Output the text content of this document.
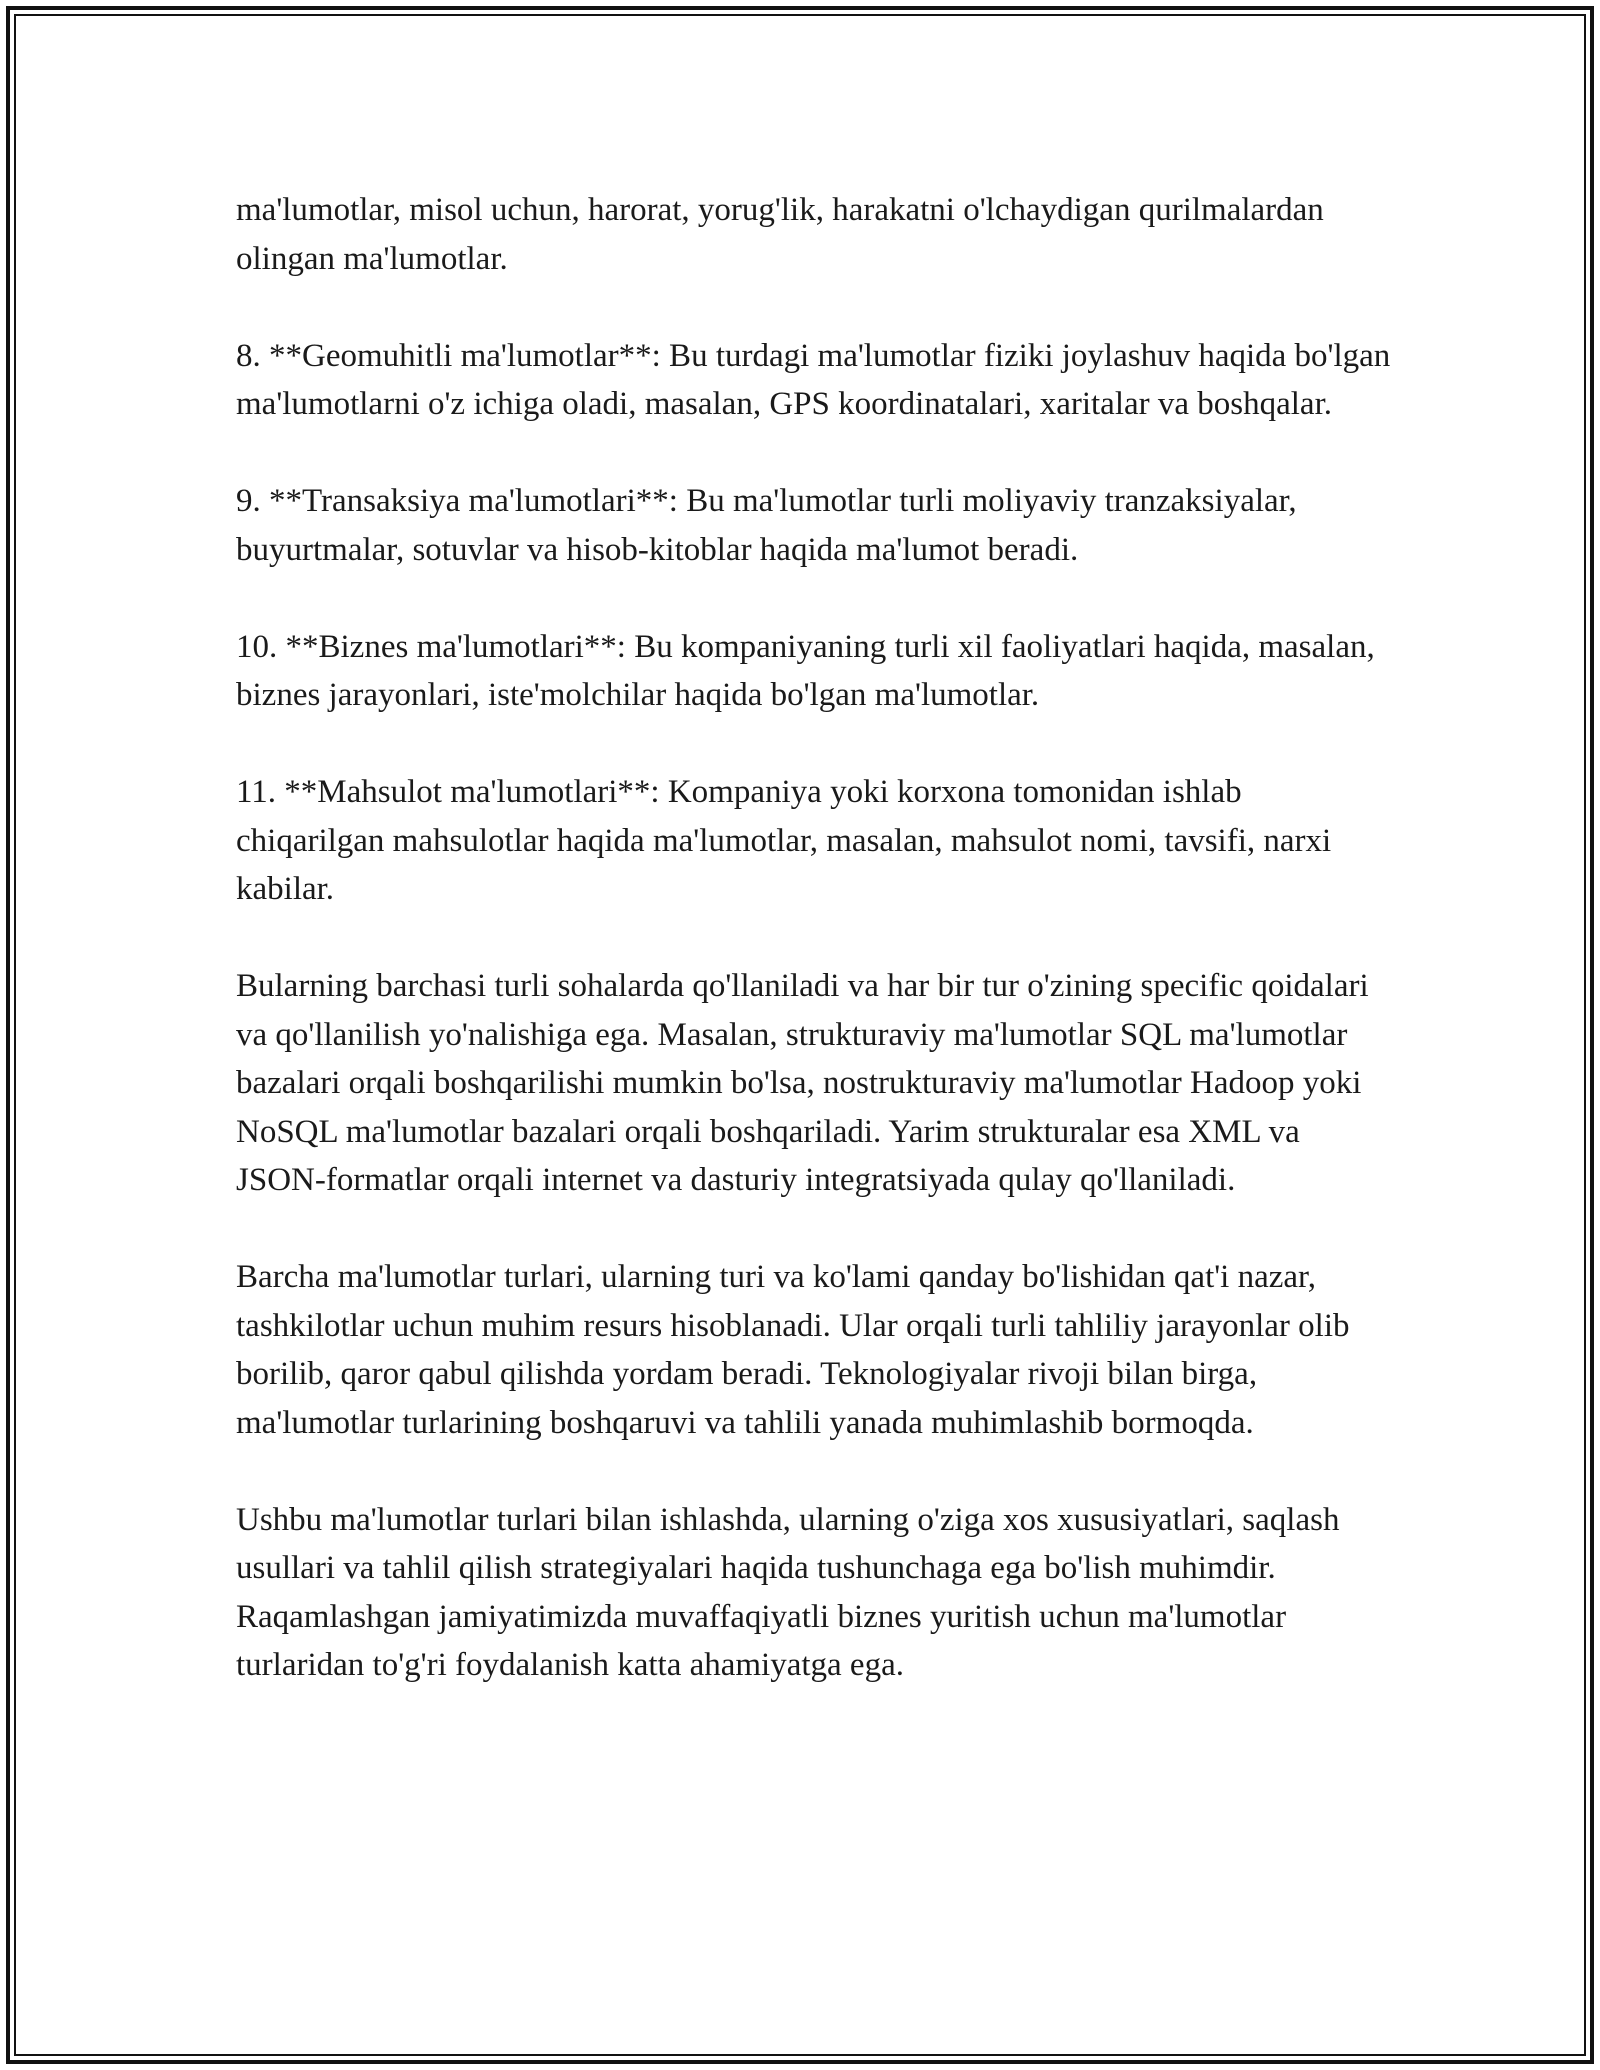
ma'lumotlar, misol uchun, harorat, yorug'lik, harakatni o'lchaydigan qurilmalardan olingan ma'lumotlar.

8. **Geomuhitli ma'lumotlar**: Bu turdagi ma'lumotlar fiziki joylashuv haqida bo'lgan ma'lumotlarni o'z ichiga oladi, masalan, GPS koordinatalari, xaritalar va boshqalar.

9. **Transaksiya ma'lumotlari**: Bu ma'lumotlar turli moliyaviy tranzaksiyalar, buyurtmalar, sotuvlar va hisob-kitoblar haqida ma'lumot beradi.

10. **Biznes ma'lumotlari**: Bu kompaniyaning turli xil faoliyatlari haqida, masalan, biznes jarayonlari, iste'molchilar haqida bo'lgan ma'lumotlar.

11. **Mahsulot ma'lumotlari**: Kompaniya yoki korxona tomonidan ishlab chiqarilgan mahsulotlar haqida ma'lumotlar, masalan, mahsulot nomi, tavsifi, narxi kabilar.

Bularning barchasi turli sohalarda qo'llaniladi va har bir tur o'zining specific qoidalari va qo'llanilish yo'nalishiga ega. Masalan, strukturaviy ma'lumotlar SQL ma'lumotlar bazalari orqali boshqarilishi mumkin bo'lsa, nostrukturaviy ma'lumotlar Hadoop yoki NoSQL ma'lumotlar bazalari orqali boshqariladi. Yarim strukturalar esa XML va JSON-formatlar orqali internet va dasturiy integratsiyada qulay qo'llaniladi.

Barcha ma'lumotlar turlari, ularning turi va ko'lami qanday bo'lishidan qat'i nazar, tashkilotlar uchun muhim resurs hisoblanadi. Ular orqali turli tahliliy jarayonlar olib borilib, qaror qabul qilishda yordam beradi. Teknologiyalar rivoji bilan birga, ma'lumotlar turlarining boshqaruvi va tahlili yanada muhimlashib bormoqda.

Ushbu ma'lumotlar turlari bilan ishlashda, ularning o'ziga xos xususiyatlari, saqlash usullari va tahlil qilish strategiyalari haqida tushunchaga ega bo'lish muhimdir. Raqamlashgan jamiyatimizda muvaffaqiyatli biznes yuritish uchun ma'lumotlar turlaridan to'g'ri foydalanish katta ahamiyatga ega.
